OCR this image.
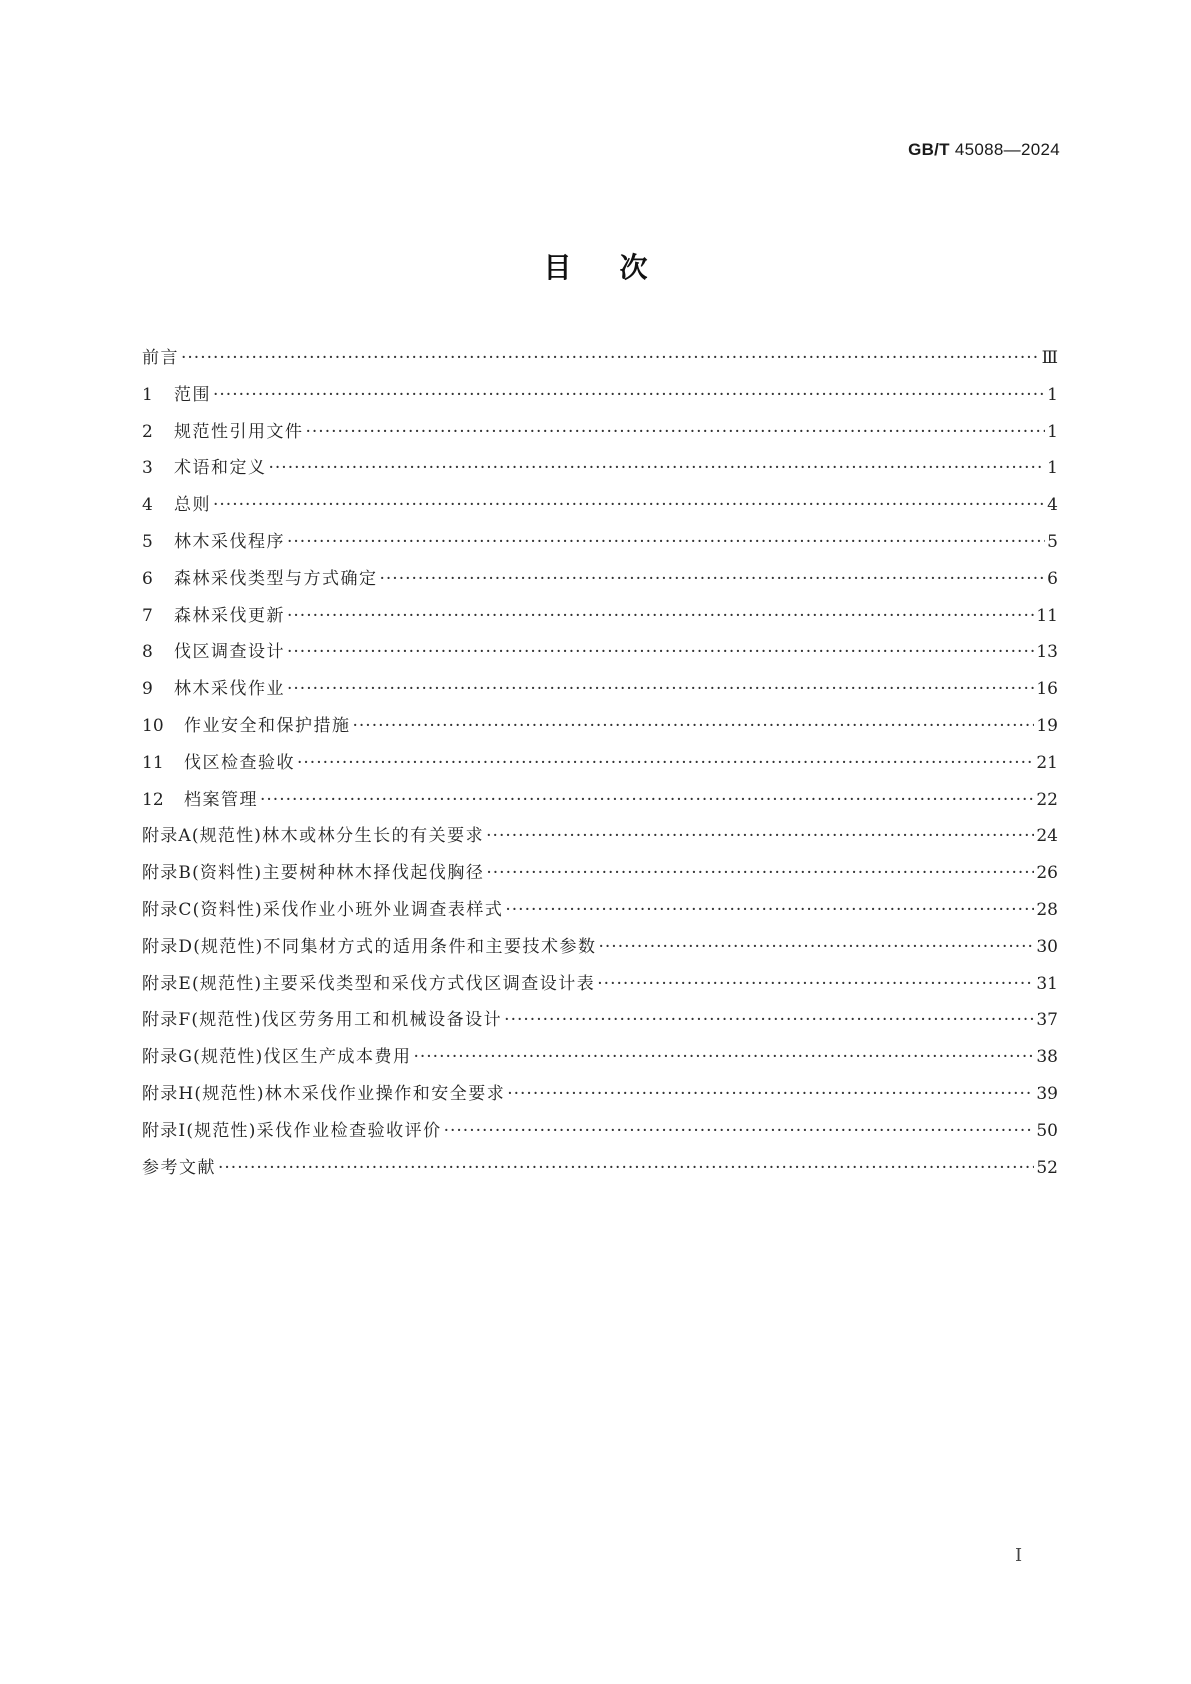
GB/T 45088—2024
目次
前言 ·····	Ⅲ
1	范围 ·····	1
2	规范性引用文件 ·····	1
3	术语和定义 ·····	1
4	总则 ·····	4
5	林木采伐程序 ·····	5
6	森林采伐类型与方式确定 ·····	6
7	森林采伐更新 ·····	11
8	伐区调查设计 ·····	13
9	林木采伐作业 ·····	16
10	作业安全和保护措施 ·····	19
11	伐区检查验收 ·····	21
12	档案管理 ·····	22
附录A(规范性) 林木或林分生长的有关要求 ·····	24
附录B(资料性) 主要树种林木择伐起伐胸径 ·····	26
附录C(资料性) 采伐作业小班外业调查表样式 ·····	28
附录D(规范性) 不同集材方式的适用条件和主要技术参数 ·····	30
附录E(规范性) 主要采伐类型和采伐方式伐区调查设计表 ·····	31
附录F(规范性) 伐区劳务用工和机械设备设计 ·····	37
附录G(规范性) 伐区生产成本费用 ·····	38
附录H(规范性) 林木采伐作业操作和安全要求 ·····	39
附录I(规范性) 采伐作业检查验收评价 ·····	50
参考文献 ·····	52
I
